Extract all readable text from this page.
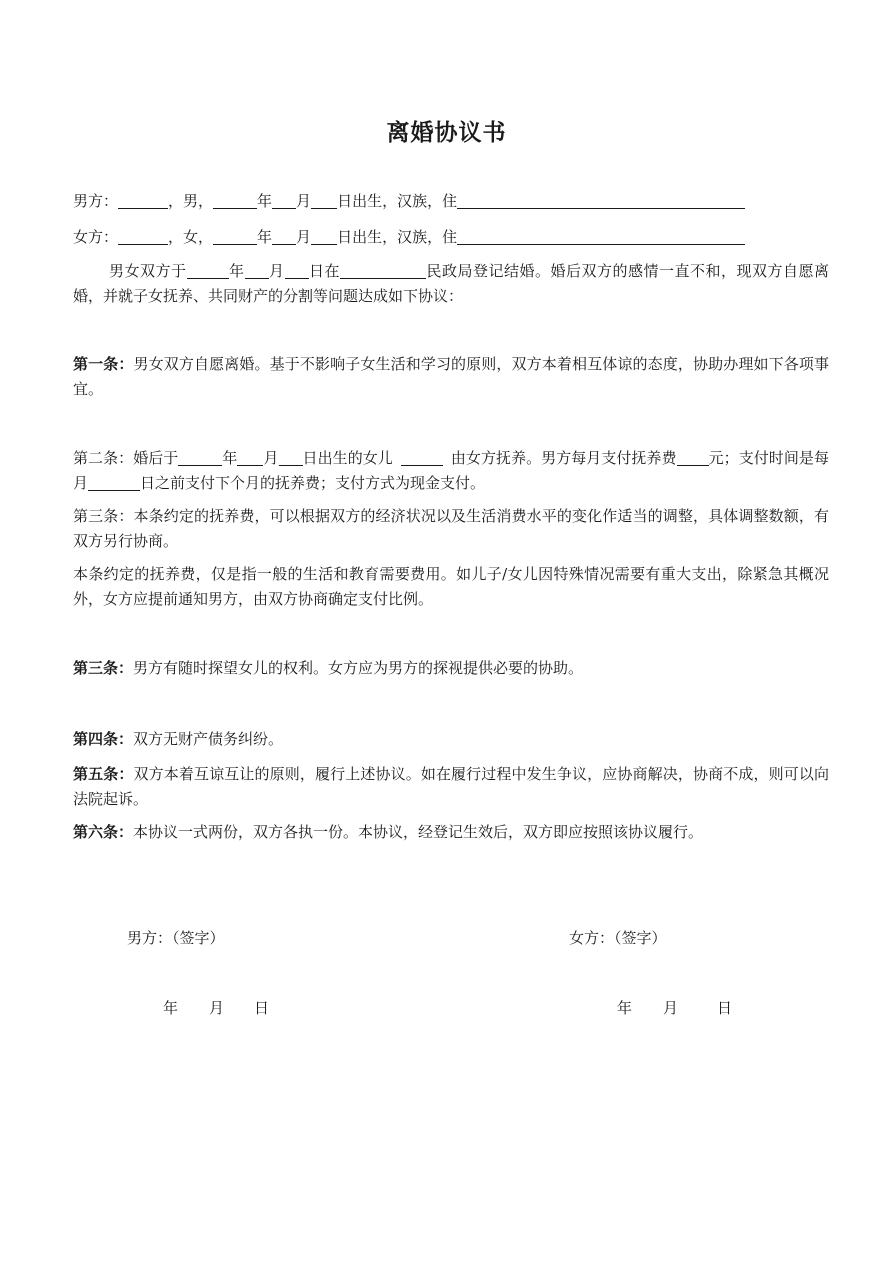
离婚协议书
男方：	，男，	年 月 日出生，汉族，住
女方：	，女，	年 月 日出生，汉族，住
男女双方于	年 月 日在	民政局登记结婚。婚后双方的感情一直不和，现双方自愿离婚，并就子女抚养、共同财产的分割等问题达成如下协议：
第一条：男女双方自愿离婚。基于不影响子女生活和学习的原则，双方本着相互体谅的态度，协助办理如下各项事宜。
第二条：婚后于	年 月 日出生的女儿	由女方抚养。男方每月支付抚养费 元；支付时间是每月	日之前支付下个月的抚养费；支付方式为现金支付。
第三条：本条约定的抚养费，可以根据双方的经济状况以及生活消费水平的变化作适当的调整，具体调整数额，有双方另行协商。
本条约定的抚养费，仅是指一般的生活和教育需要费用。如儿子/女儿因特殊情况需要有重大支出，除紧急其概况外，女方应提前通知男方，由双方协商确定支付比例。
第三条：男方有随时探望女儿的权利。女方应为男方的探视提供必要的协助。
第四条：双方无财产债务纠纷。
第五条：双方本着互谅互让的原则，履行上述协议。如在履行过程中发生争议，应协商解决，协商不成，则可以向法院起诉。
第六条：本协议一式两份，双方各执一份。本协议，经登记生效后，双方即应按照该协议履行。
男方：（签字）	女方：（签字）
年 月 日	年 月	日
